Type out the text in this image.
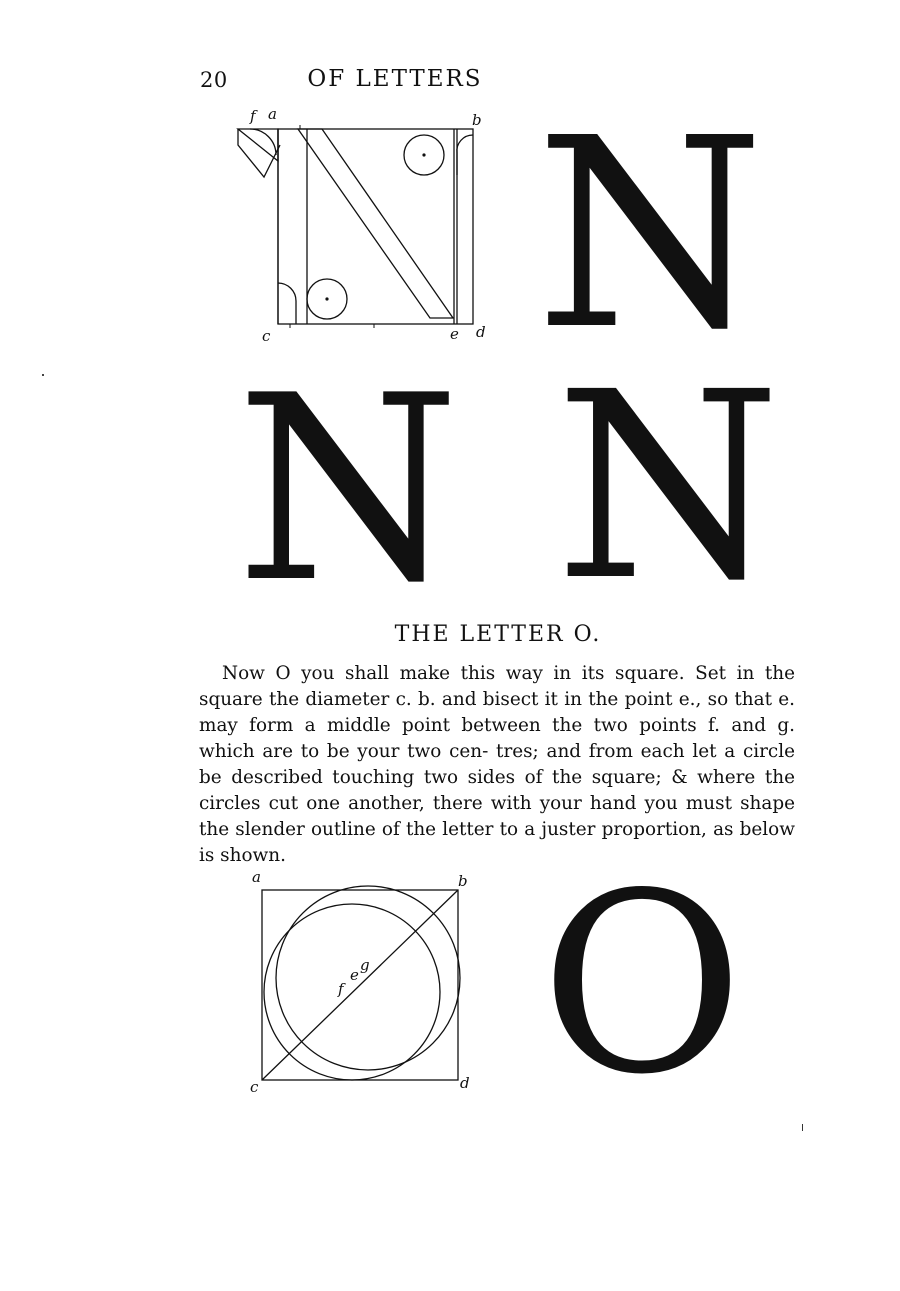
20	OF LETTERS
f a	b
c	e d N
N N
THE LETTER O.

Now O you shall make this way in its square. Set in the square the diameter c. b. and bisect it in the point e., so that e. may form a middle point between the two points f. and g. which are to be your two cen- tres; and from each let a circle be described touching two sides of the square; & where the circles cut one another, there with your hand you must shape the slender outline of the letter to a juster proportion, as below is shown.

a	b
c	d
f
e
g O
